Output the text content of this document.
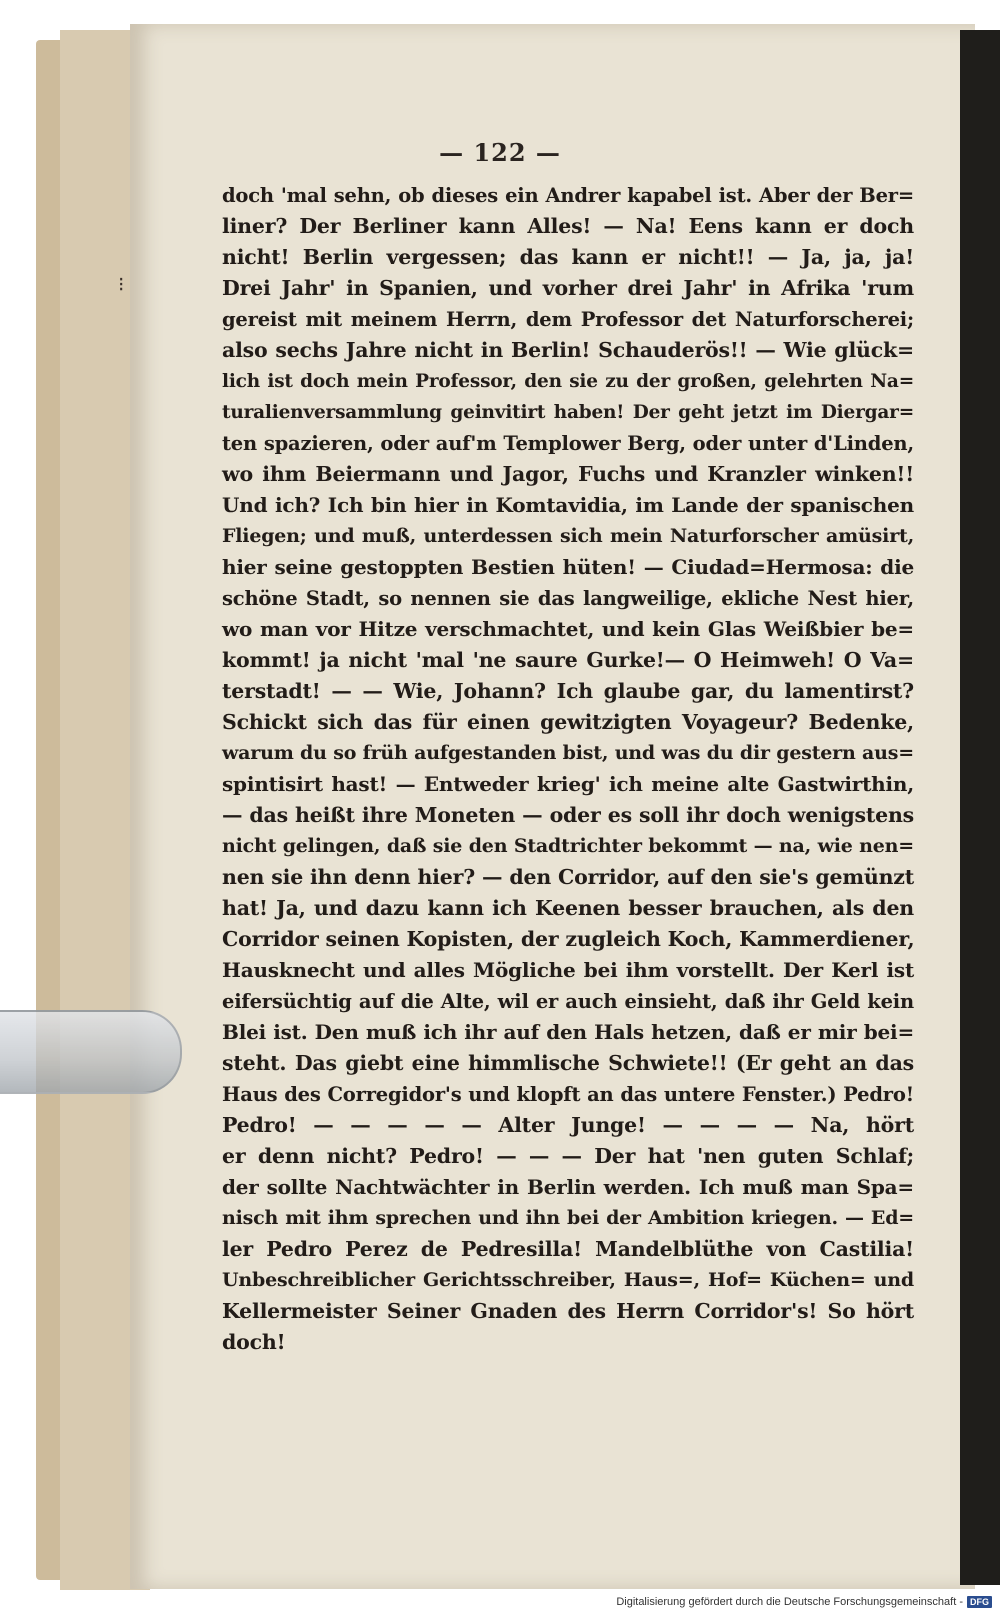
⁝
— 122 —
doch 'mal sehn, ob dieses ein Andrer kapabel ist. Aber der Ber=
liner? Der Berliner kann Alles! — Na! Eens kann er doch
nicht! Berlin vergessen; das kann er nicht!! — Ja, ja, ja!
Drei Jahr' in Spanien, und vorher drei Jahr' in Afrika 'rum
gereist mit meinem Herrn, dem Professor det Naturforscherei;
also sechs Jahre nicht in Berlin! Schauderös!! — Wie glück=
lich ist doch mein Professor, den sie zu der großen, gelehrten Na=
turalienversammlung geinvitirt haben! Der geht jetzt im Diergar=
ten spazieren, oder auf'm Templower Berg, oder unter d'Linden,
wo ihm Beiermann und Jagor, Fuchs und Kranzler winken!!
Und ich? Ich bin hier in Komtavidia, im Lande der spanischen
Fliegen; und muß, unterdessen sich mein Naturforscher amüsirt,
hier seine gestoppten Bestien hüten! — Ciudad=Hermosa: die
schöne Stadt, so nennen sie das langweilige, ekliche Nest hier,
wo man vor Hitze verschmachtet, und kein Glas Weißbier be=
kommt! ja nicht 'mal 'ne saure Gurke!— O Heimweh! O Va=
terstadt! — — Wie, Johann? Ich glaube gar, du lamentirst?
Schickt sich das für einen gewitzigten Voyageur? Bedenke,
warum du so früh aufgestanden bist, und was du dir gestern aus=
spintisirt hast! — Entweder krieg' ich meine alte Gastwirthin,
— das heißt ihre Moneten — oder es soll ihr doch wenigstens
nicht gelingen, daß sie den Stadtrichter bekommt — na, wie nen=
nen sie ihn denn hier? — den Corridor, auf den sie's gemünzt
hat! Ja, und dazu kann ich Keenen besser brauchen, als den
Corridor seinen Kopisten, der zugleich Koch, Kammerdiener,
Hausknecht und alles Mögliche bei ihm vorstellt. Der Kerl ist
eifersüchtig auf die Alte, wil er auch einsieht, daß ihr Geld kein
Blei ist. Den muß ich ihr auf den Hals hetzen, daß er mir bei=
steht. Das giebt eine himmlische Schwiete!! (Er geht an das
Haus des Corregidor's und klopft an das untere Fenster.) Pedro!
Pedro! — — — — — Alter Junge! — — — — Na, hört
er denn nicht? Pedro! — — — Der hat 'nen guten Schlaf;
der sollte Nachtwächter in Berlin werden. Ich muß man Spa=
nisch mit ihm sprechen und ihn bei der Ambition kriegen. — Ed=
ler Pedro Perez de Pedresilla! Mandelblüthe von Castilia!
Unbeschreiblicher Gerichtsschreiber, Haus=, Hof= Küchen= und
Kellermeister Seiner Gnaden des Herrn Corridor's! So hört
doch!
Digitalisierung gefördert durch die Deutsche Forschungsgemeinschaft - DFG
